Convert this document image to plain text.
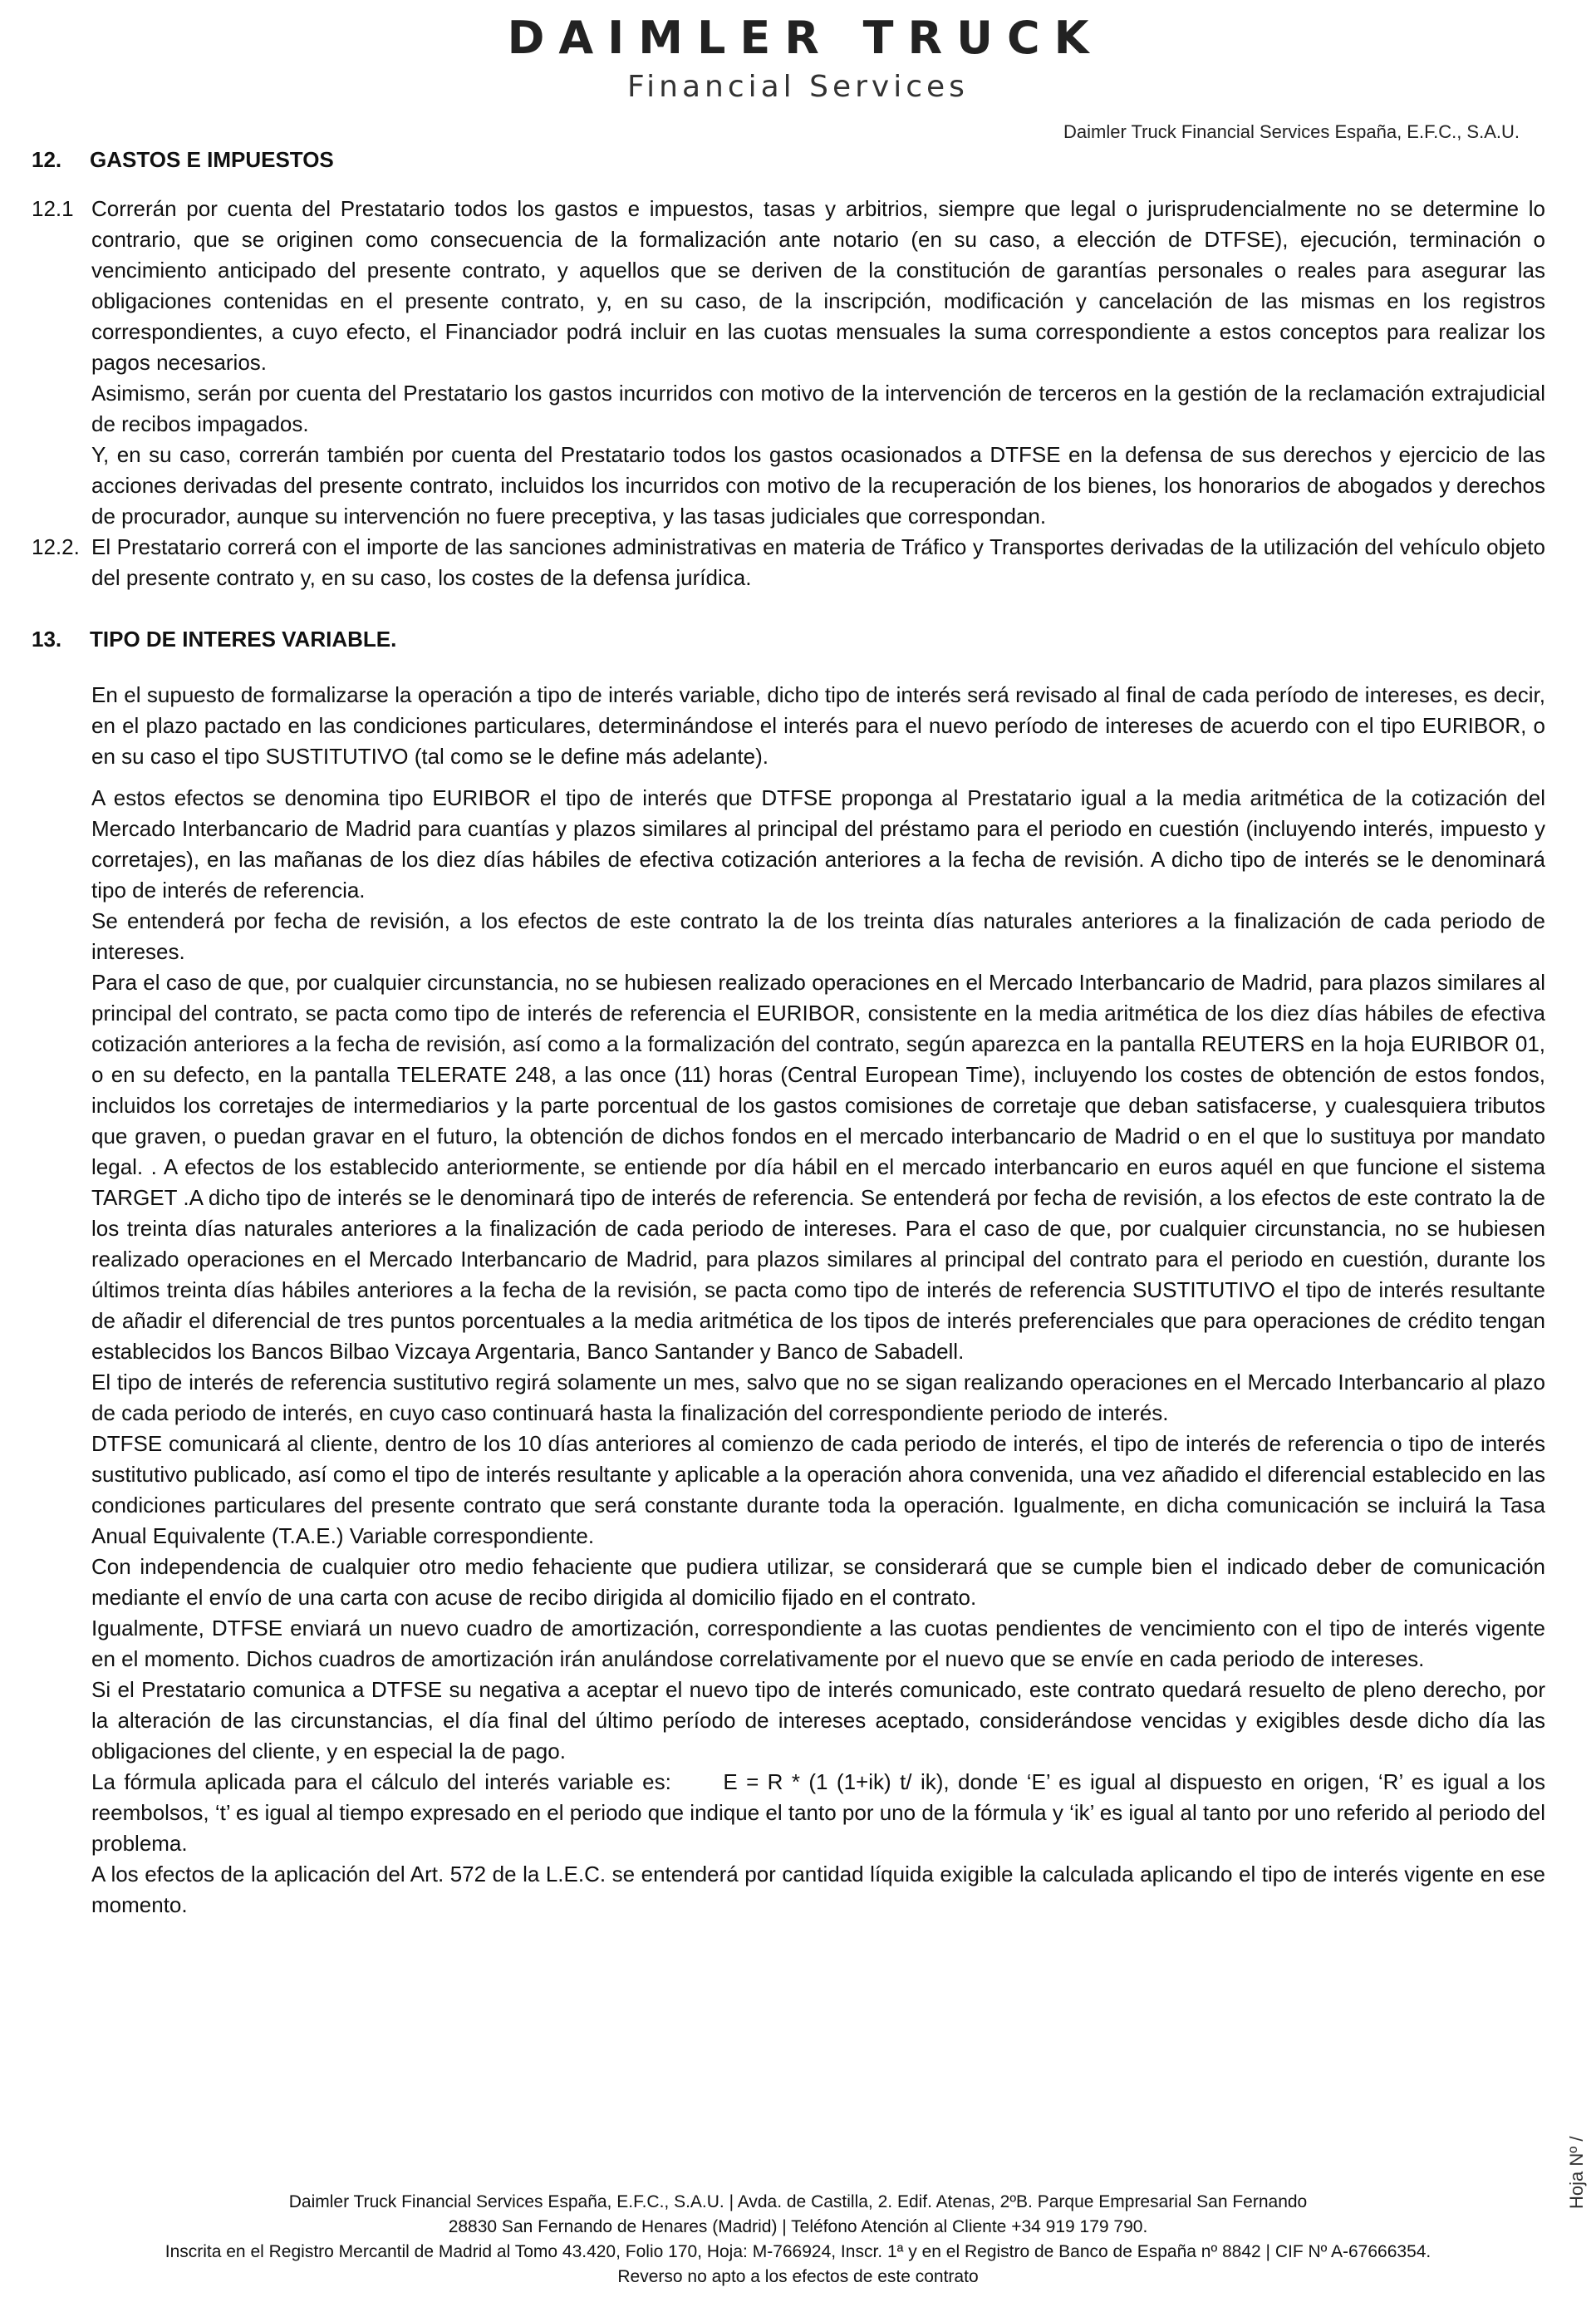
DAIMLER TRUCK
Financial Services
Daimler Truck Financial Services España, E.F.C., S.A.U.
12. GASTOS E IMPUESTOS
12.1 Correrán por cuenta del Prestatario todos los gastos e impuestos, tasas y arbitrios, siempre que legal o jurisprudencialmente no se determine lo contrario, que se originen como consecuencia de la formalización ante notario (en su caso, a elección de DTFSE), ejecución, terminación o vencimiento anticipado del presente contrato, y aquellos que se deriven de la constitución de garantías personales o reales para asegurar las obligaciones contenidas en el presente contrato, y, en su caso, de la inscripción, modificación y cancelación de las mismas en los registros correspondientes, a cuyo efecto, el Financiador podrá incluir en las cuotas mensuales la suma correspondiente a estos conceptos para realizar los pagos necesarios.

Asimismo, serán por cuenta del Prestatario los gastos incurridos con motivo de la intervención de terceros en la gestión de la reclamación extrajudicial de recibos impagados.

Y, en su caso, correrán también por cuenta del Prestatario todos los gastos ocasionados a DTFSE en la defensa de sus derechos y ejercicio de las acciones derivadas del presente contrato, incluidos los incurridos con motivo de la recuperación de los bienes, los honorarios de abogados y derechos de procurador, aunque su intervención no fuere preceptiva, y las tasas judiciales que correspondan.

12.2. El Prestatario correrá con el importe de las sanciones administrativas en materia de Tráfico y Transportes derivadas de la utilización del vehículo objeto del presente contrato y, en su caso, los costes de la defensa jurídica.

13. TIPO DE INTERES VARIABLE.

En el supuesto de formalizarse la operación a tipo de interés variable, dicho tipo de interés será revisado al final de cada período de intereses, es decir, en el plazo pactado en las condiciones particulares, determinándose el interés para el nuevo período de intereses de acuerdo con el tipo EURIBOR, o en su caso el tipo SUSTITUTIVO (tal como se le define más adelante).

A estos efectos se denomina tipo EURIBOR el tipo de interés que DTFSE proponga al Prestatario igual a la media aritmética de la cotización del Mercado Interbancario de Madrid para cuantías y plazos similares al principal del préstamo para el periodo en cuestión (incluyendo interés, impuesto y corretajes), en las mañanas de los diez días hábiles de efectiva cotización anteriores a la fecha de revisión. A dicho tipo de interés se le denominará tipo de interés de referencia.

Se entenderá por fecha de revisión, a los efectos de este contrato la de los treinta días naturales anteriores a la finalización de cada periodo de intereses.

Para el caso de que, por cualquier circunstancia, no se hubiesen realizado operaciones en el Mercado Interbancario de Madrid, para plazos similares al principal del contrato, se pacta como tipo de interés de referencia el EURIBOR, consistente en la media aritmética de los diez días hábiles de efectiva cotización anteriores a la fecha de revisión, así como a la formalización del contrato, según aparezca en la pantalla REUTERS en la hoja EURIBOR 01, o en su defecto, en la pantalla TELERATE 248, a las once (11) horas (Central European Time), incluyendo los costes de obtención de estos fondos, incluidos los corretajes de intermediarios y la parte porcentual de los gastos comisiones de corretaje que deban satisfacerse, y cualesquiera tributos que graven, o puedan gravar en el futuro, la obtención de dichos fondos en el mercado interbancario de Madrid o en el que lo sustituya por mandato legal. . A efectos de los establecido anteriormente, se entiende por día hábil en el mercado interbancario en euros aquél en que funcione el sistema TARGET .A dicho tipo de interés se le denominará tipo de interés de referencia. Se entenderá por fecha de revisión, a los efectos de este contrato la de los treinta días naturales anteriores a la finalización de cada periodo de intereses. Para el caso de que, por cualquier circunstancia, no se hubiesen realizado operaciones en el Mercado Interbancario de Madrid, para plazos similares al principal del contrato para el periodo en cuestión, durante los últimos treinta días hábiles anteriores a la fecha de la revisión, se pacta como tipo de interés de referencia SUSTITUTIVO el tipo de interés resultante de añadir el diferencial de tres puntos porcentuales a la media aritmética de los tipos de interés preferenciales que para operaciones de crédito tengan establecidos los Bancos Bilbao Vizcaya Argentaria, Banco Santander y Banco de Sabadell.

El tipo de interés de referencia sustitutivo regirá solamente un mes, salvo que no se sigan realizando operaciones en el Mercado Interbancario al plazo de cada periodo de interés, en cuyo caso continuará hasta la finalización del correspondiente periodo de interés.

DTFSE comunicará al cliente, dentro de los 10 días anteriores al comienzo de cada periodo de interés, el tipo de interés de referencia o tipo de interés sustitutivo publicado, así como el tipo de interés resultante y aplicable a la operación ahora convenida, una vez añadido el diferencial establecido en las condiciones particulares del presente contrato que será constante durante toda la operación. Igualmente, en dicha comunicación se incluirá la Tasa Anual Equivalente (T.A.E.) Variable correspondiente.

Con independencia de cualquier otro medio fehaciente que pudiera utilizar, se considerará que se cumple bien el indicado deber de comunicación mediante el envío de una carta con acuse de recibo dirigida al domicilio fijado en el contrato.

Igualmente, DTFSE enviará un nuevo cuadro de amortización, correspondiente a las cuotas pendientes de vencimiento con el tipo de interés vigente en el momento. Dichos cuadros de amortización irán anulándose correlativamente por el nuevo que se envíe en cada periodo de intereses.

Si el Prestatario comunica a DTFSE su negativa a aceptar el nuevo tipo de interés comunicado, este contrato quedará resuelto de pleno derecho, por la alteración de las circunstancias, el día final del último período de intereses aceptado, considerándose vencidas y exigibles desde dicho día las obligaciones del cliente, y en especial la de pago.

La fórmula aplicada para el cálculo del interés variable es:      E = R * (1 (1+ik) t/ ik), donde ‘E’ es igual al dispuesto en origen, ‘R’ es igual a los reembolsos, ‘t’ es igual al tiempo expresado en el periodo que indique el tanto por uno de la fórmula y ‘ik’ es igual al tanto por uno referido al periodo del problema.

A los efectos de la aplicación del Art. 572 de la L.E.C. se entenderá por cantidad líquida exigible la calculada aplicando el tipo de interés vigente en ese momento.

Hoja Nº /
Daimler Truck Financial Services España, E.F.C., S.A.U. | Avda. de Castilla, 2. Edif. Atenas, 2ºB. Parque Empresarial San Fernando
28830 San Fernando de Henares (Madrid) | Teléfono Atención al Cliente +34 919 179 790.
Inscrita en el Registro Mercantil de Madrid al Tomo 43.420, Folio 170, Hoja: M-766924, Inscr. 1ª y en el Registro de Banco de España nº 8842 | CIF Nº A-67666354.
Reverso no apto a los efectos de este contrato
